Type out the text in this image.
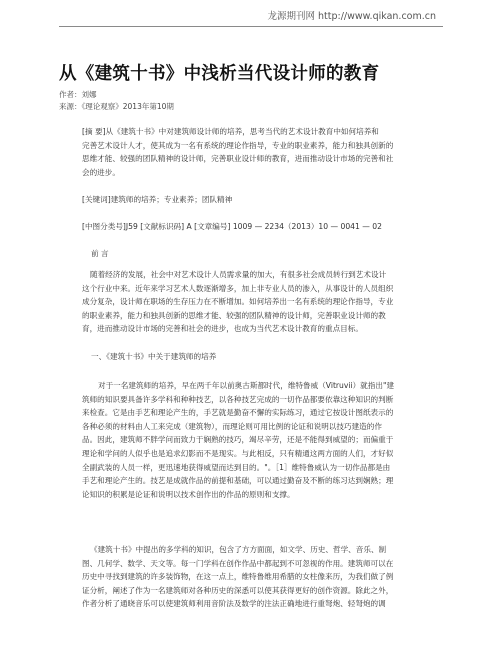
龙源期刊网 http://www.qikan.com.cn
从《建筑十书》中浅析当代设计师的教育
作者：刘娜
来源：《理论观察》2013年第10期
[摘 要]从《建筑十书》中对建筑师设计师的培养，思考当代的艺术设计教育中如何培养和
完善艺术设计人才，使其成为一名有系统的理论作指导，专业的职业素养，能力和独具创新的
思维才能、较强的团队精神的设计师，完善职业设计师的教育，进而推动设计市场的完善和社
会的进步。
[关键词]建筑师的培养；专业素养；团队精神
[中图分类号]J59 [文献标识码] A [文章编号] 1009 — 2234（2013）10 — 0041 — 02
前 言
随着经济的发展，社会中对艺术设计人员需求量的加大，有很多社会成员转行到艺术设计
这个行业中来。近年来学习艺术人数逐渐增多，加上非专业人员的渗入，从事设计的人员组织
成分复杂，设计师在职场的生存压力在不断增加。如何培养出一名有系统的理论作指导，专业
的职业素养，能力和独具创新的思维才能、较强的团队精神的设计师，完善职业设计师的教
育，进而推动设计市场的完善和社会的进步，也成为当代艺术设计教育的重点目标。
一、《建筑十书》中关于建筑师的培养
对于一名建筑师的培养，早在两千年以前奥古斯都时代，维特鲁威（Vitruvii）就指出"建
筑师的知识要具备许多学科和种种技艺，以各种技艺完成的一切作品都要依靠这种知识的判断
来检查。它是由手艺和理论产生的，手艺就是勤奋不懈的实际练习，通过它按设计图纸表示的
各种必须的材料由人工来完成（建筑物），而理论则可用比例的论证和说明以技巧建造的作
品。因此，建筑师不胖学问而致力于娴熟的技巧，竭尽辛劳，还是不能得到威望的；而偏重于
理论和学问的人似乎也是追求幻影而不是现实。与此相反，只有精通这两方面的人们，才好似
全副武装的人员一样，更迅速地获得威望而达到目的。"。［1］维特鲁威认为一切作品都是由
手艺和理论产生的。技艺是成就作品的前提和基础，可以通过勤奋及不断的练习达到娴熟；理
论知识的积累是论证和说明以技术创作出的作品的原则和支撑。
《建筑十书》中提出的多学科的知识，包含了方方面面，如文学、历史、哲学、音乐、制
图、几何学、数学、天文等。每一门学科在创作作品中都起到不可忽视的作用。建筑师可以在
历史中寻找到建筑的许多装饰物，在这一点上，维特鲁维用希腊的女柱像来历，为我们做了例
证分析，阐述了作为一名建筑师对各种历史的深悉可以使其获得更好的创作资源。除此之外，
作者分析了通晓音乐可以使建筑师利用音阶法及数学的注法正确地进行重弩炮、轻弩炮的调
